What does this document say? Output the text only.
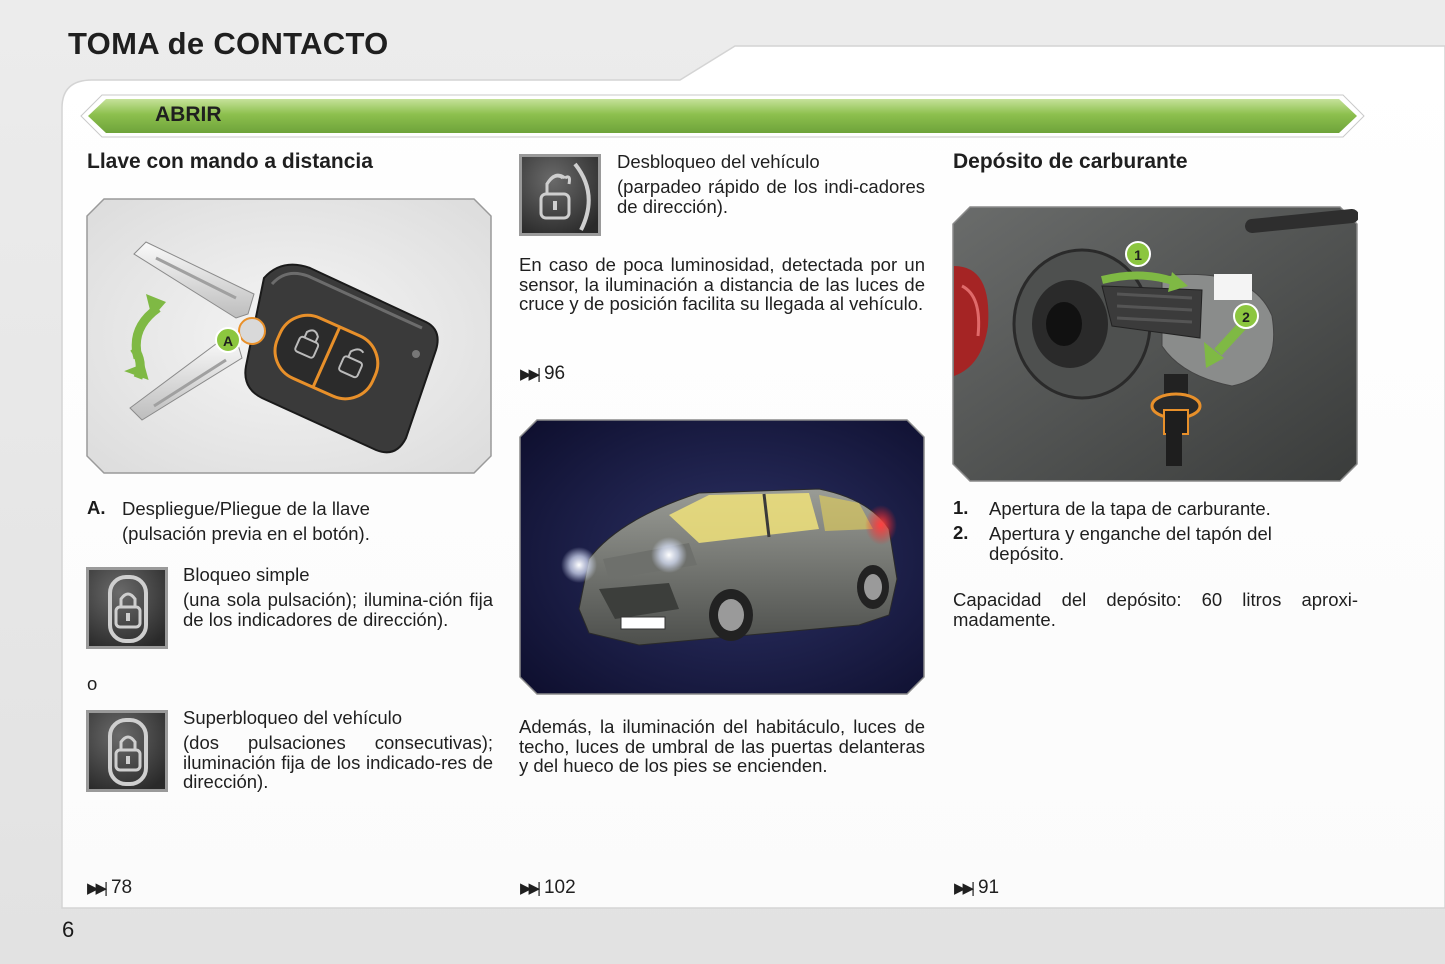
TOMA de CONTACTO
ABRIR
Llave con mando a distancia
A
A. Despliegue/Pliegue de la llave
(pulsación previa en el botón).
Bloqueo simple
(una sola pulsación); ilumina-ción fija de los indicadores de dirección).
o
Superbloqueo del vehículo
(dos pulsaciones consecutivas); iluminación fija de los indicado-res de dirección).
▶▶| 78
Desbloqueo del vehículo
(parpadeo rápido de los indi-cadores de dirección).
En caso de poca luminosidad, detectada por un sensor, la iluminación a distancia de las luces de cruce y de posición facilita su llegada al vehículo.
▶▶| 96
Además, la iluminación del habitáculo, luces de techo, luces de umbral de las puertas delanteras y del hueco de los pies se encienden.
▶▶| 102
Depósito de carburante
1
2
1. Apertura de la tapa de carburante.
2. Apertura y enganche del tapón del depósito.
Capacidad del depósito: 60 litros aproxi-madamente.
▶▶| 91
6
